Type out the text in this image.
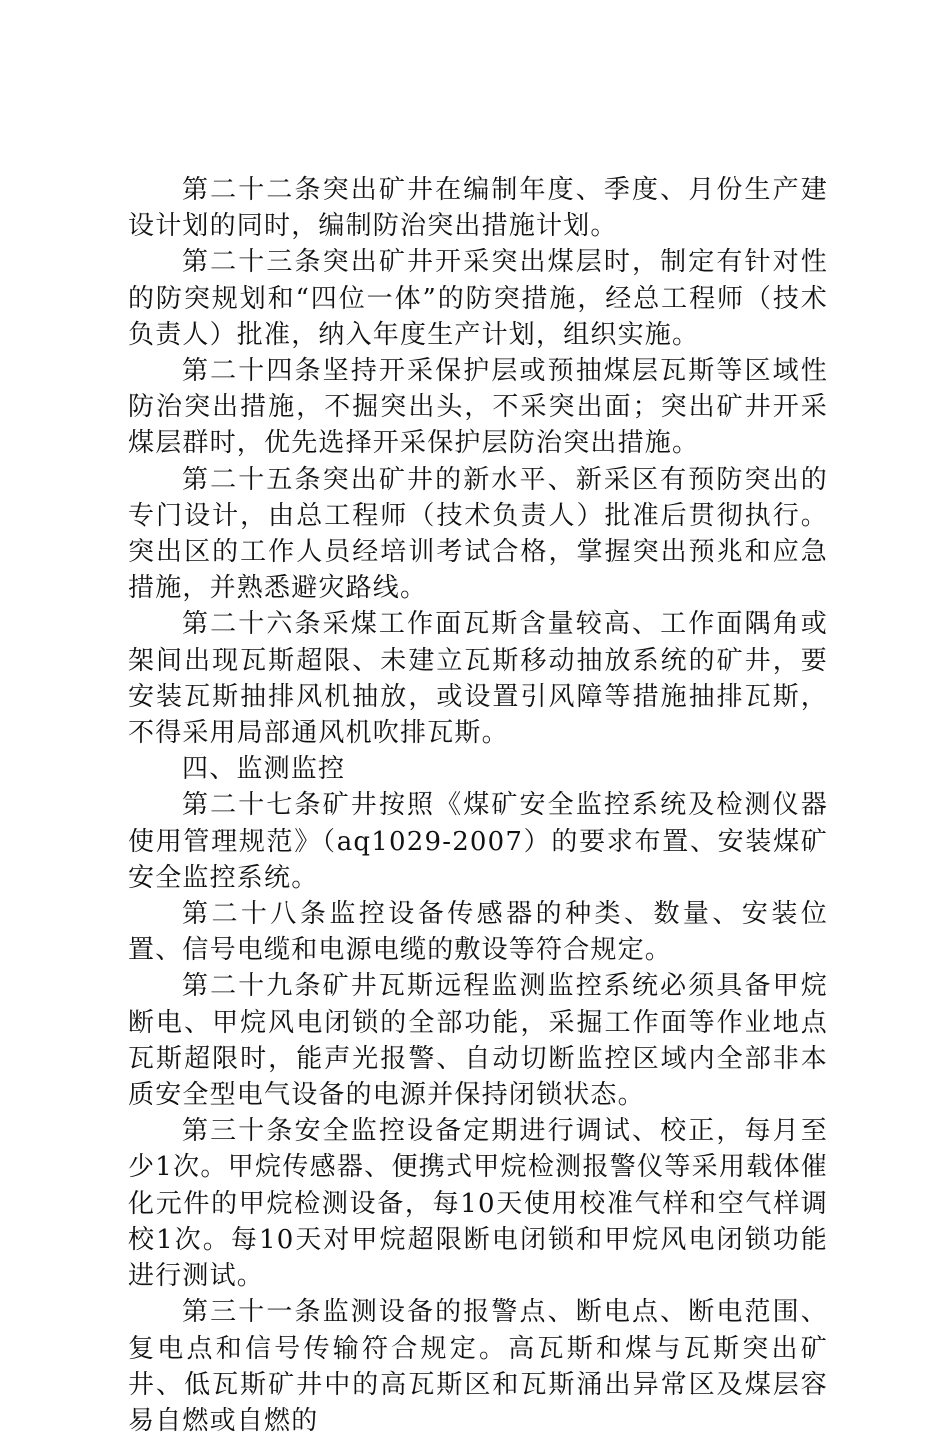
第二十二条突出矿井在编制年度、季度、月份生产建设计划的同时，编制防治突出措施计划。

第二十三条突出矿井开采突出煤层时，制定有针对性的防突规划和“四位一体”的防突措施，经总工程师（技术负责人）批准，纳入年度生产计划，组织实施。

第二十四条坚持开采保护层或预抽煤层瓦斯等区域性防治突出措施，不掘突出头，不采突出面；突出矿井开采煤层群时，优先选择开采保护层防治突出措施。

第二十五条突出矿井的新水平、新采区有预防突出的专门设计，由总工程师（技术负责人）批准后贯彻执行。突出区的工作人员经培训考试合格，掌握突出预兆和应急措施，并熟悉避灾路线。

第二十六条采煤工作面瓦斯含量较高、工作面隅角或架间出现瓦斯超限、未建立瓦斯移动抽放系统的矿井，要安装瓦斯抽排风机抽放，或设置引风障等措施抽排瓦斯，不得采用局部通风机吹排瓦斯。

四、监测监控

第二十七条矿井按照《煤矿安全监控系统及检测仪器使用管理规范》（aq1029-2007）的要求布置、安装煤矿安全监控系统。

第二十八条监控设备传感器的种类、数量、安装位置、信号电缆和电源电缆的敷设等符合规定。

第二十九条矿井瓦斯远程监测监控系统必须具备甲烷断电、甲烷风电闭锁的全部功能，采掘工作面等作业地点瓦斯超限时，能声光报警、自动切断监控区域内全部非本质安全型电气设备的电源并保持闭锁状态。

第三十条安全监控设备定期进行调试、校正，每月至少1次。甲烷传感器、便携式甲烷检测报警仪等采用载体催化元件的甲烷检测设备，每10天使用校准气样和空气样调校1次。每10天对甲烷超限断电闭锁和甲烷风电闭锁功能进行测试。

第三十一条监测设备的报警点、断电点、断电范围、复电点和信号传输符合规定。高瓦斯和煤与瓦斯突出矿井、低瓦斯矿井中的高瓦斯区和瓦斯涌出异常区及煤层容易自燃或自燃的
